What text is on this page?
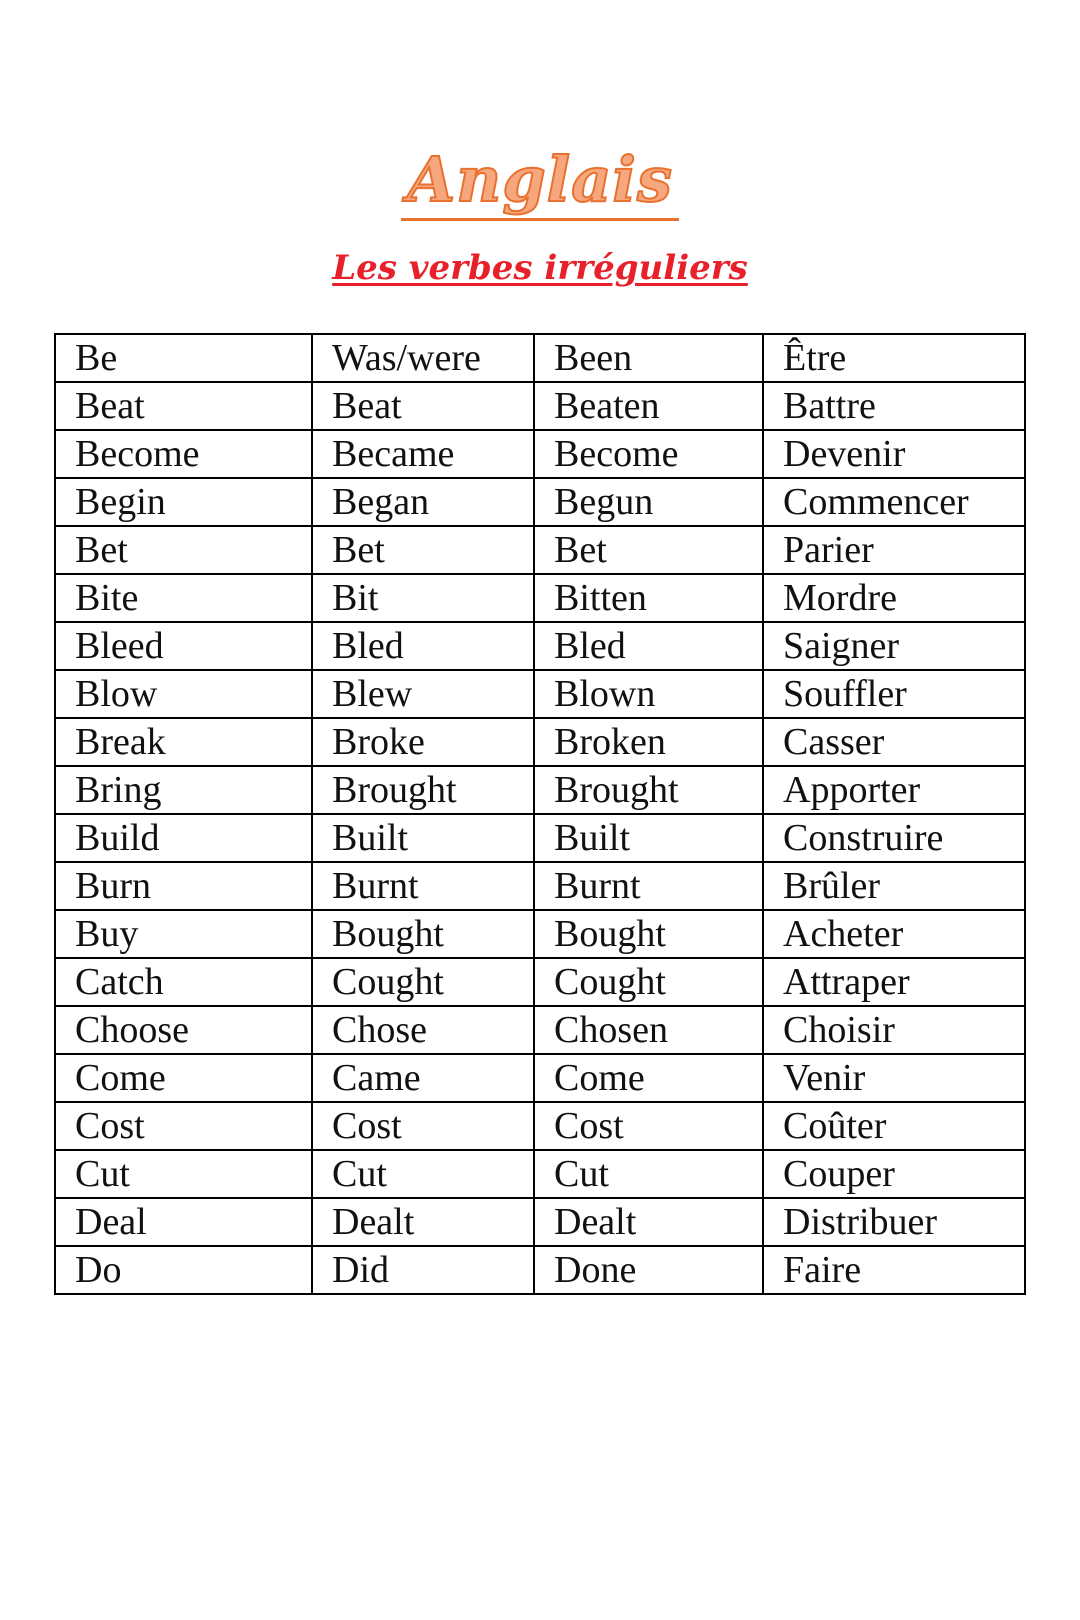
Anglais
Les verbes irréguliers
Be	Was/were	Been	Être
Beat	Beat	Beaten	Battre
Become	Became	Become	Devenir
Begin	Began	Begun	Commencer
Bet	Bet	Bet	Parier
Bite	Bit	Bitten	Mordre
Bleed	Bled	Bled	Saigner
Blow	Blew	Blown	Souffler
Break	Broke	Broken	Casser
Bring	Brought	Brought	Apporter
Build	Built	Built	Construire
Burn	Burnt	Burnt	Brûler
Buy	Bought	Bought	Acheter
Catch	Cought	Cought	Attraper
Choose	Chose	Chosen	Choisir
Come	Came	Come	Venir
Cost	Cost	Cost	Coûter
Cut	Cut	Cut	Couper
Deal	Dealt	Dealt	Distribuer
Do	Did	Done	Faire
